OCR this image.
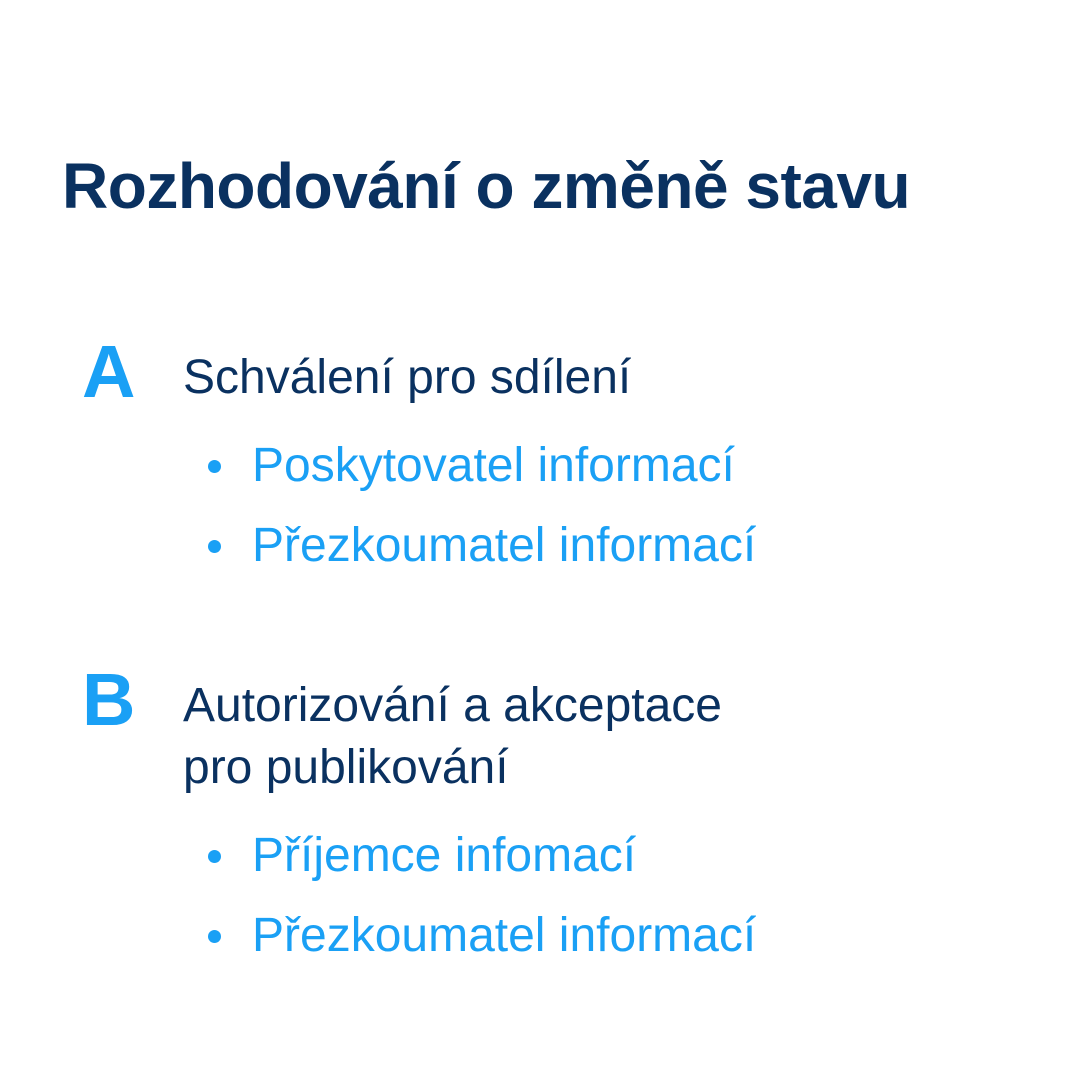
Rozhodování o změně stavu
A Schválení pro sdílení
Poskytovatel informací
Přezkoumatel informací
B Autorizování a akceptace
pro publikování
Příjemce infomací
Přezkoumatel informací
